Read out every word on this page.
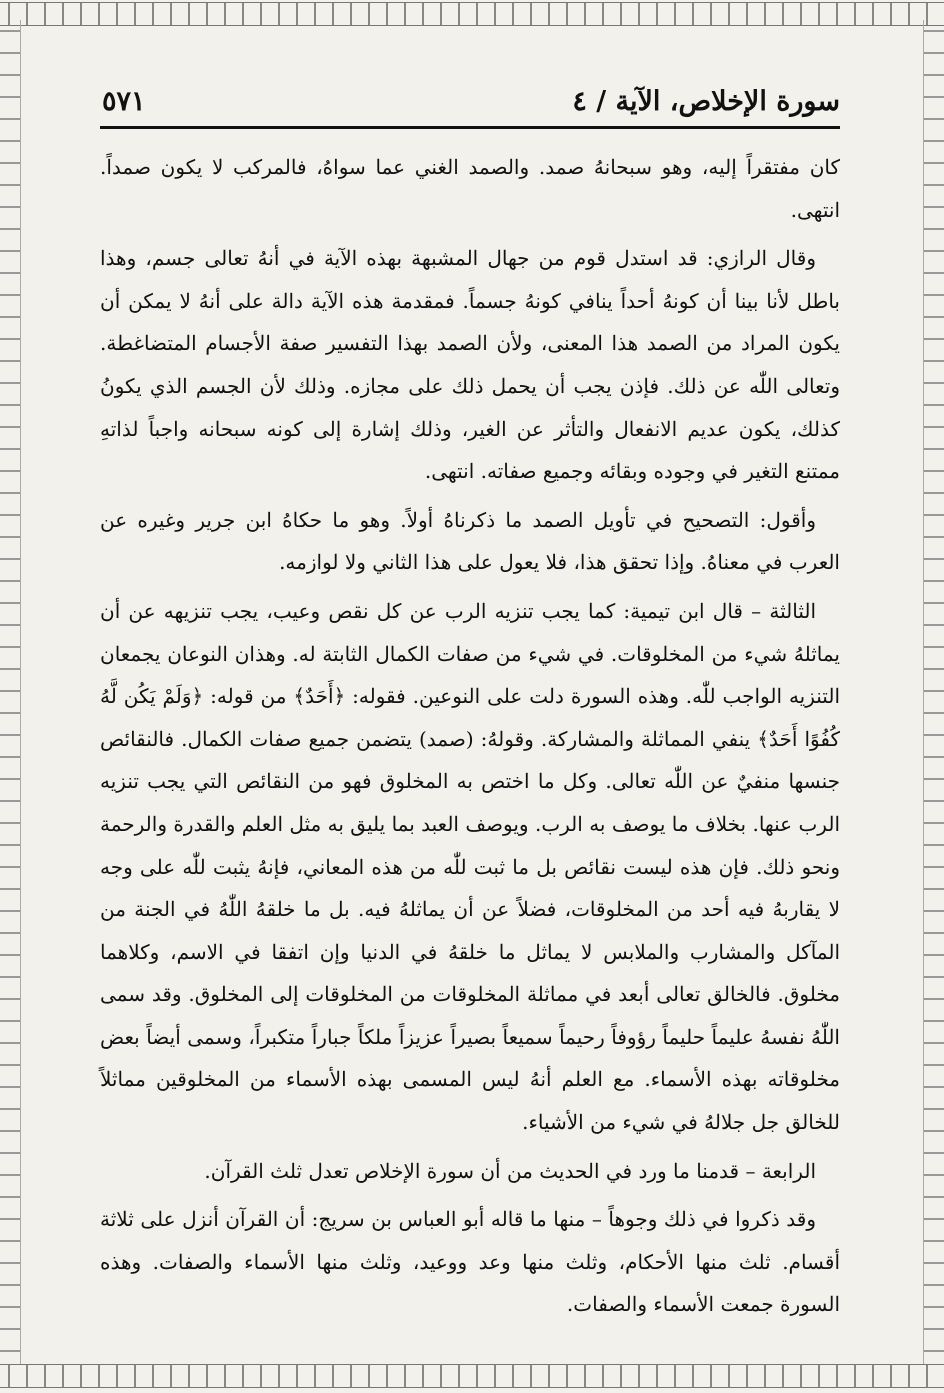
سورة الإخلاص، الآية / ٤
٥٧١

كان مفتقراً إليه، وهو سبحانهُ صمد. والصمد الغني عما سواهُ، فالمركب لا يكون صمداً. انتهى.

وقال الرازي: قد استدل قوم من جهال المشبهة بهذه الآية في أنهُ تعالى جسم، وهذا باطل لأنا بينا أن كونهُ أحداً ينافي كونهُ جسماً. فمقدمة هذه الآية دالة على أنهُ لا يمكن أن يكون المراد من الصمد هذا المعنى، ولأن الصمد بهذا التفسير صفة الأجسام المتضاغطة. وتعالى اللّٰه عن ذلك. فإذن يجب أن يحمل ذلك على مجازه. وذلك لأن الجسم الذي يكونُ كذلك، يكون عديم الانفعال والتأثر عن الغير، وذلك إشارة إلى كونه سبحانه واجباً لذاتهِ ممتنع التغير في وجوده وبقائه وجميع صفاته. انتهى.

وأقول: التصحيح في تأويل الصمد ما ذكرناهُ أولاً. وهو ما حكاهُ ابن جرير وغيره عن العرب في معناهُ. وإذا تحقق هذا، فلا يعول على هذا الثاني ولا لوازمه.

الثالثة – قال ابن تيمية: كما يجب تنزيه الرب عن كل نقص وعيب، يجب تنزيهه عن أن يماثلهُ شيء من المخلوقات. في شيء من صفات الكمال الثابتة له. وهذان النوعان يجمعان التنزيه الواجب للّٰه. وهذه السورة دلت على النوعين. فقوله: ﴿أَحَدٌ﴾ من قوله: ﴿وَلَمْ يَكُن لَّهُ كُفُوًا أَحَدٌ﴾ ينفي المماثلة والمشاركة. وقولهُ: (صمد) يتضمن جميع صفات الكمال. فالنقائص جنسها منفيٌ عن اللّٰه تعالى. وكل ما اختص به المخلوق فهو من النقائص التي يجب تنزيه الرب عنها. بخلاف ما يوصف به الرب. ويوصف العبد بما يليق به مثل العلم والقدرة والرحمة ونحو ذلك. فإن هذه ليست نقائص بل ما ثبت للّٰه من هذه المعاني، فإنهُ يثبت للّٰه على وجه لا يقاربهُ فيه أحد من المخلوقات، فضلاً عن أن يماثلهُ فيه. بل ما خلقهُ اللّٰهُ في الجنة من المآكل والمشارب والملابس لا يماثل ما خلقهُ في الدنيا وإن اتفقا في الاسم، وكلاهما مخلوق. فالخالق تعالى أبعد في مماثلة المخلوقات من المخلوقات إلى المخلوق. وقد سمى اللّٰهُ نفسهُ عليماً حليماً رؤوفاً رحيماً سميعاً بصيراً عزيزاً ملكاً جباراً متكبراً، وسمى أيضاً بعض مخلوقاته بهذه الأسماء. مع العلم أنهُ ليس المسمى بهذه الأسماء من المخلوقين مماثلاً للخالق جل جلالهُ في شيء من الأشياء.

الرابعة – قدمنا ما ورد في الحديث من أن سورة الإخلاص تعدل ثلث القرآن.

وقد ذكروا في ذلك وجوهاً – منها ما قاله أبو العباس بن سريج: أن القرآن أنزل على ثلاثة أقسام. ثلث منها الأحكام، وثلث منها وعد ووعيد، وثلث منها الأسماء والصفات. وهذه السورة جمعت الأسماء والصفات.
